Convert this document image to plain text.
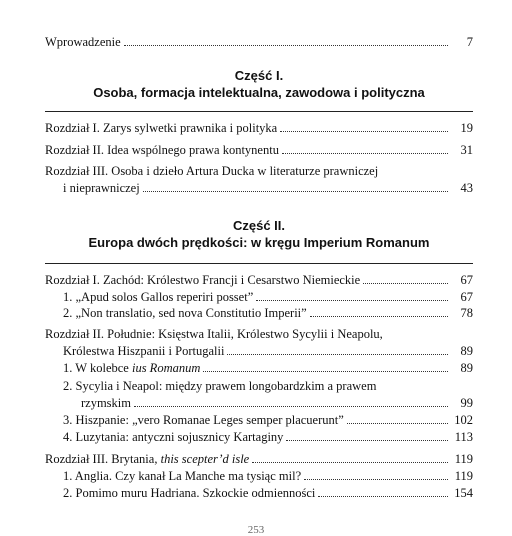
Wprowadzenie	7
Część I.
Osoba, formacja intelektualna, zawodowa i polityczna
Rozdział I. Zarys sylwetki prawnika i polityka	19
Rozdział II. Idea wspólnego prawa kontynentu	31
Rozdział III. Osoba i dzieło Artura Ducka w literaturze prawniczej
i nieprawniczej	43
Część II.
Europa dwóch prędkości: w kręgu Imperium Romanum
Rozdział I. Zachód: Królestwo Francji i Cesarstwo Niemieckie	67
1. „Apud solos Gallos reperiri posset”	67
2. „Non translatio, sed nova Constitutio Imperii”	78
Rozdział II. Południe: Księstwa Italii, Królestwo Sycylii i Neapolu,
Królestwa Hiszpanii i Portugalii	89
1. W kolebce ius Romanum	89
2. Sycylia i Neapol: między prawem longobardzkim a prawem
rzymskim	99
3. Hiszpanie: „vero Romanae Leges semper placuerunt”	102
4. Luzytania: antyczni sojusznicy Kartaginy	113
Rozdział III. Brytania, this scepter’d isle	119
1. Anglia. Czy kanał La Manche ma tysiąc mil?	119
2. Pomimo muru Hadriana. Szkockie odmienności	154
253
